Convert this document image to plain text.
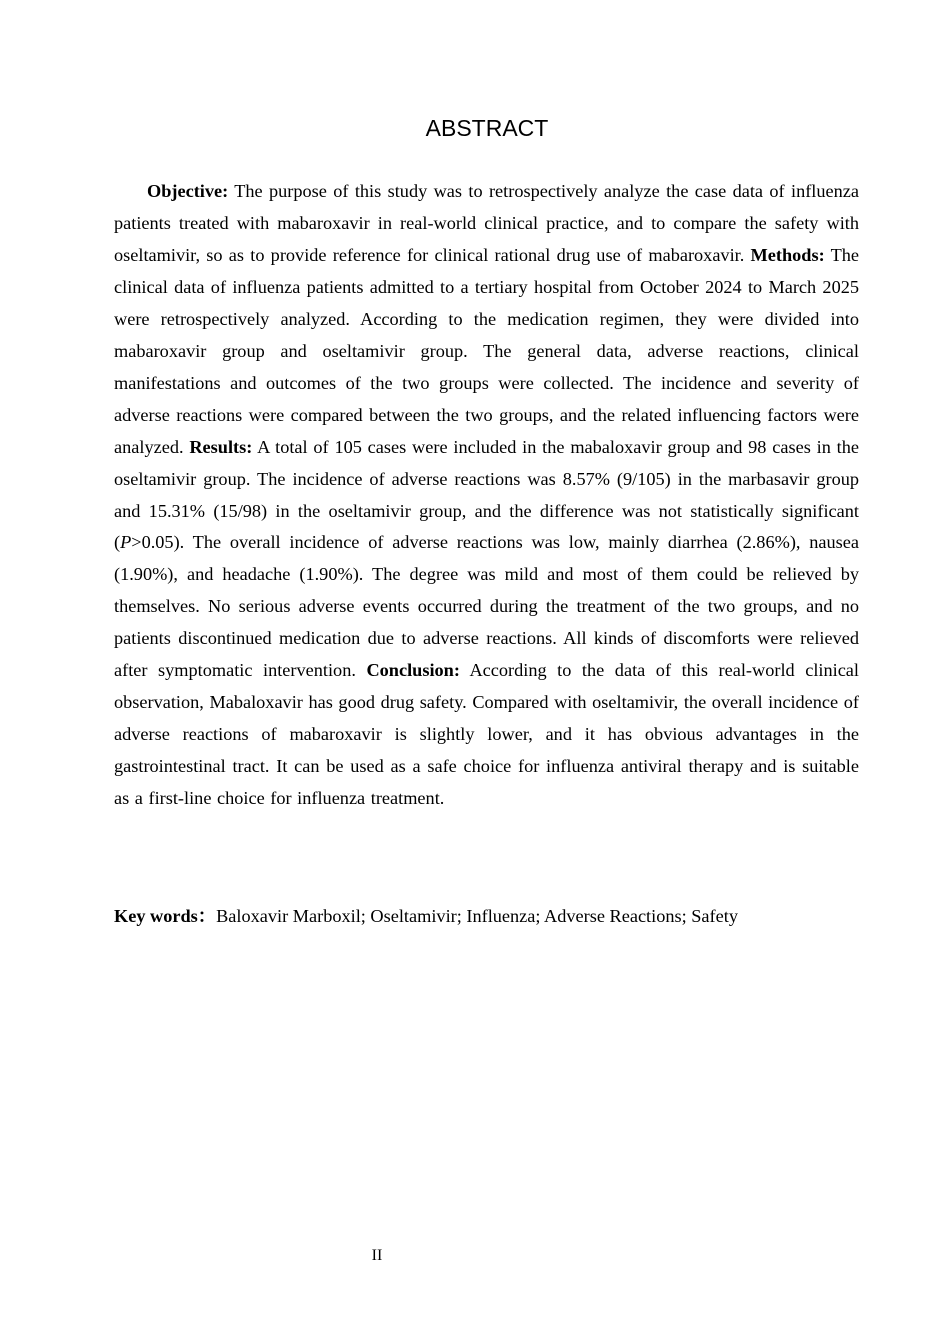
ABSTRACT

Objective: The purpose of this study was to retrospectively analyze the case data of influenza patients treated with mabaroxavir in real-world clinical practice, and to compare the safety with oseltamivir, so as to provide reference for clinical rational drug use of mabaroxavir. Methods: The clinical data of influenza patients admitted to a tertiary hospital from October 2024 to March 2025 were retrospectively analyzed. According to the medication regimen, they were divided into mabaroxavir group and oseltamivir group. The general data, adverse reactions, clinical manifestations and outcomes of the two groups were collected. The incidence and severity of adverse reactions were compared between the two groups, and the related influencing factors were analyzed. Results: A total of 105 cases were included in the mabaloxavir group and 98 cases in the oseltamivir group. The incidence of adverse reactions was 8.57% (9/105) in the marbasavir group and 15.31% (15/98) in the oseltamivir group, and the difference was not statistically significant (P>0.05). The overall incidence of adverse reactions was low, mainly diarrhea (2.86%), nausea (1.90%), and headache (1.90%). The degree was mild and most of them could be relieved by themselves. No serious adverse events occurred during the treatment of the two groups, and no patients discontinued medication due to adverse reactions. All kinds of discomforts were relieved after symptomatic intervention. Conclusion: According to the data of this real-world clinical observation, Mabaloxavir has good drug safety. Compared with oseltamivir, the overall incidence of adverse reactions of mabaroxavir is slightly lower, and it has obvious advantages in the gastrointestinal tract. It can be used as a safe choice for influenza antiviral therapy and is suitable as a first-line choice for influenza treatment.

Key words：Baloxavir Marboxil; Oseltamivir; Influenza; Adverse Reactions; Safety

II
